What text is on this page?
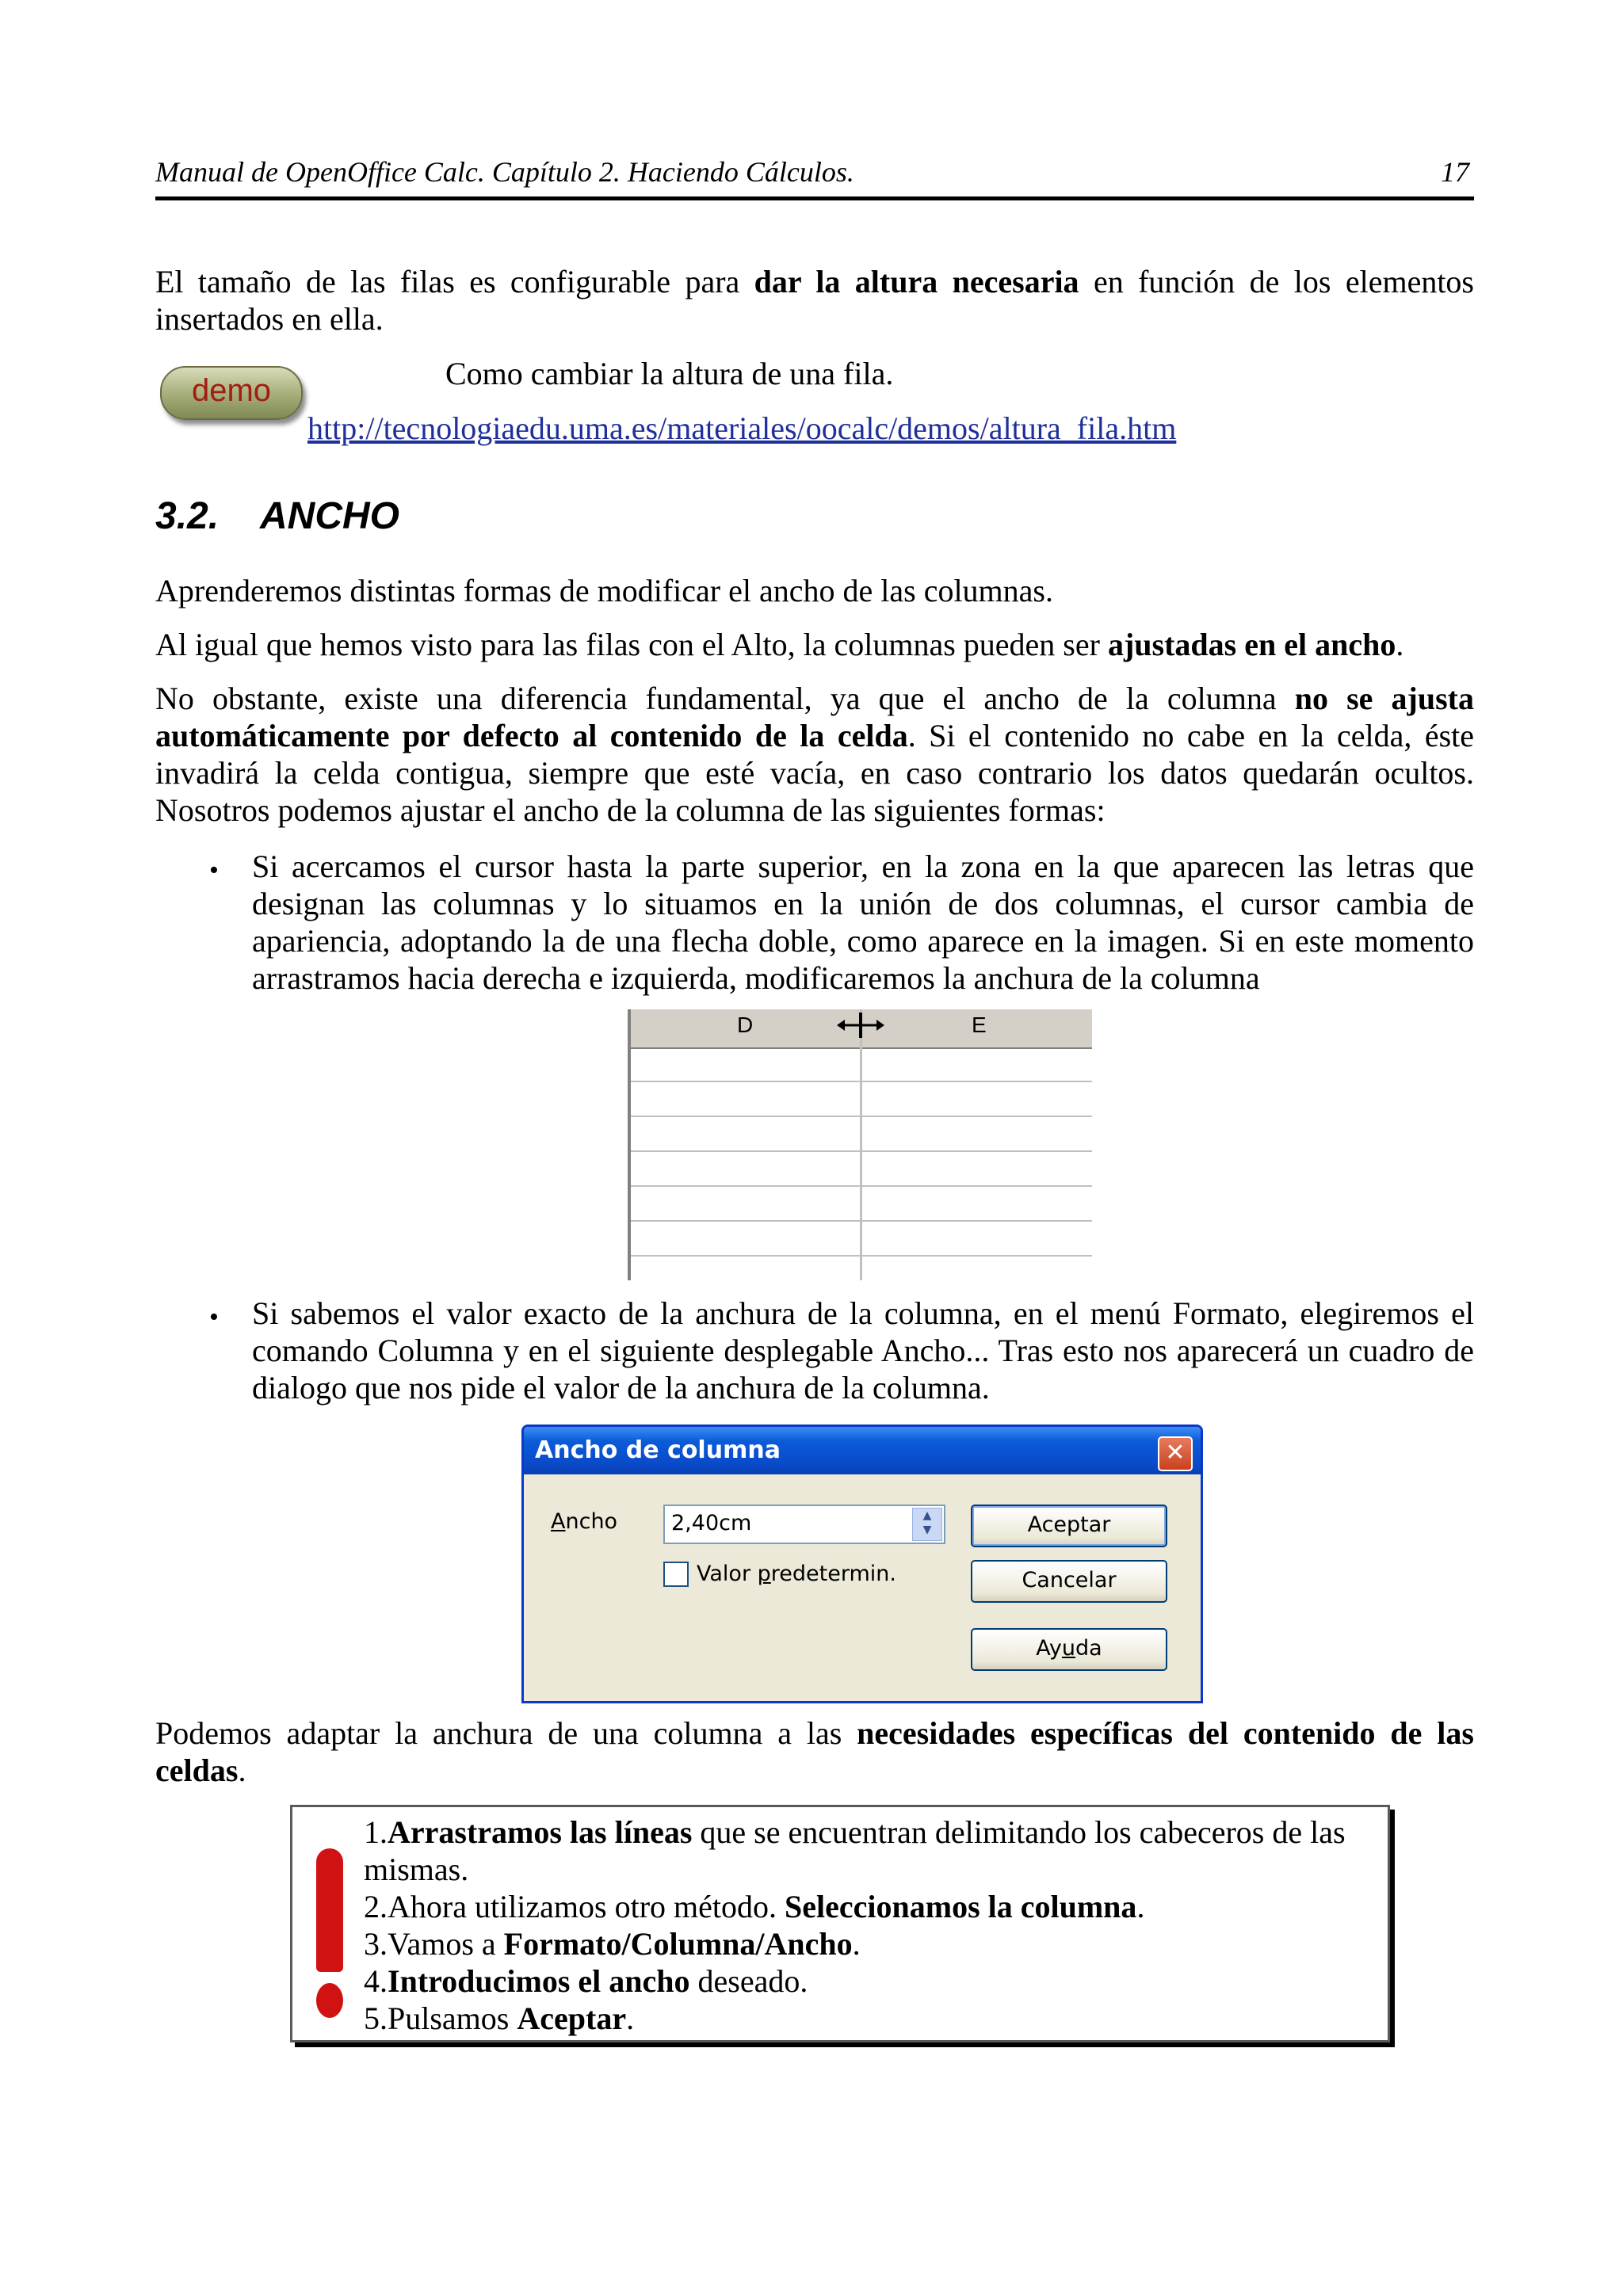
Manual de OpenOffice Calc. Capítulo 2. Haciendo Cálculos.	17
El tamaño de las filas es configurable para dar la altura necesaria en función de los elementos insertados en ella.
demo	Como cambiar la altura de una fila.
http://tecnologiaedu.uma.es/materiales/oocalc/demos/altura_fila.htm
3.2. ANCHO
Aprenderemos distintas formas de modificar el ancho de las columnas.
Al igual que hemos visto para las filas con el Alto, la columnas pueden ser ajustadas en el ancho.
No obstante, existe una diferencia fundamental, ya que el ancho de la columna no se ajusta automáticamente por defecto al contenido de la celda. Si el contenido no cabe en la celda, éste invadirá la celda contigua, siempre que esté vacía, en caso contrario los datos quedarán ocultos. Nosotros podemos ajustar el ancho de la columna de las siguientes formas:
• Si acercamos el cursor hasta la parte superior, en la zona en la que aparecen las letras que designan las columnas y lo situamos en la unión de dos columnas, el cursor cambia de apariencia, adoptando la de una flecha doble, como aparece en la imagen. Si en este momento arrastramos hacia derecha e izquierda, modificaremos la anchura de la columna
D	E
• Si sabemos el valor exacto de la anchura de la columna, en el menú Formato, elegiremos el comando Columna y en el siguiente desplegable Ancho... Tras esto nos aparecerá un cuadro de dialogo que nos pide el valor de la anchura de la columna.
Ancho de columna	✕
Ancho	2,40cm	▲
▼
Valor predetermin.
Aceptar
Cancelar
Ayuda
Podemos adaptar la anchura de una columna a las necesidades específicas del contenido de las celdas.
1.Arrastramos las líneas que se encuentran delimitando los cabeceros de las mismas.
2.Ahora utilizamos otro método. Seleccionamos la columna.
3.Vamos a Formato/Columna/Ancho.
4.Introducimos el ancho deseado.
5.Pulsamos Aceptar.
